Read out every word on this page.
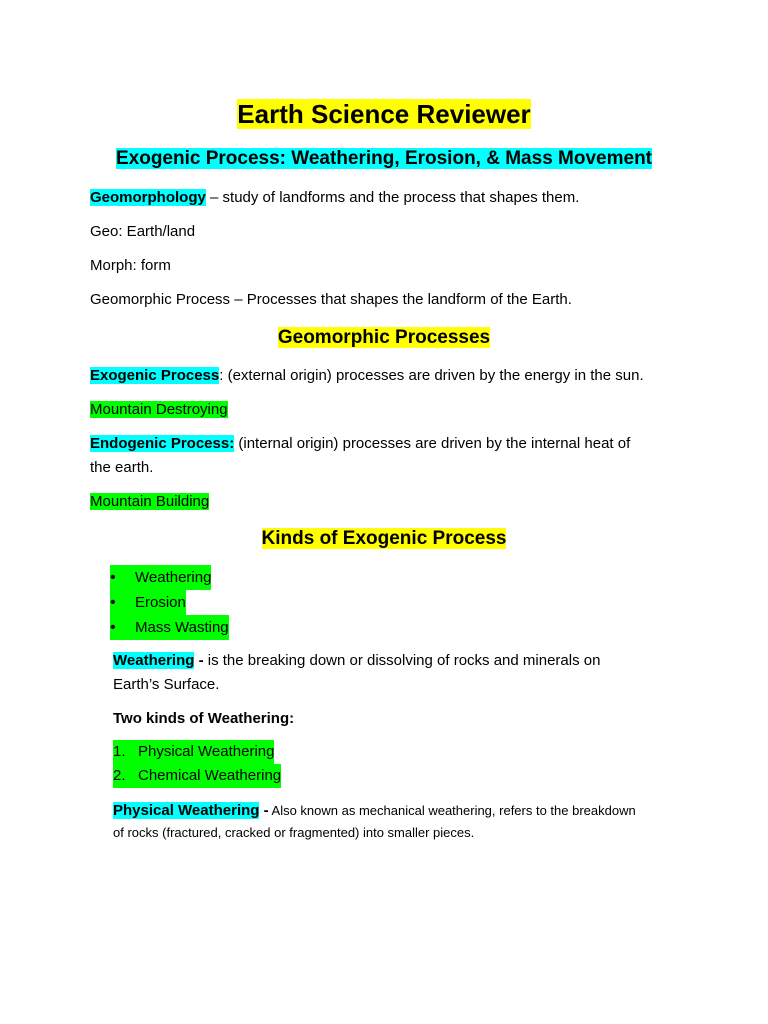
Earth Science Reviewer
Exogenic Process: Weathering, Erosion, & Mass Movement
Geomorphology – study of landforms and the process that shapes them.
Geo: Earth/land
Morph: form
Geomorphic Process – Processes that shapes the landform of the Earth.
Geomorphic Processes
Exogenic Process: (external origin) processes are driven by the energy in the sun.
Mountain Destroying
Endogenic Process: (internal origin) processes are driven by the internal heat of
the earth.
Mountain Building
Kinds of Exogenic Process
•	Weathering
•	Erosion
•	Mass Wasting
Weathering - is the breaking down or dissolving of rocks and minerals on
Earth’s Surface.
Two kinds of Weathering:
1. Physical Weathering
2. Chemical Weathering
Physical Weathering - Also known as mechanical weathering, refers to the breakdown
of rocks (fractured, cracked or fragmented) into smaller pieces.
